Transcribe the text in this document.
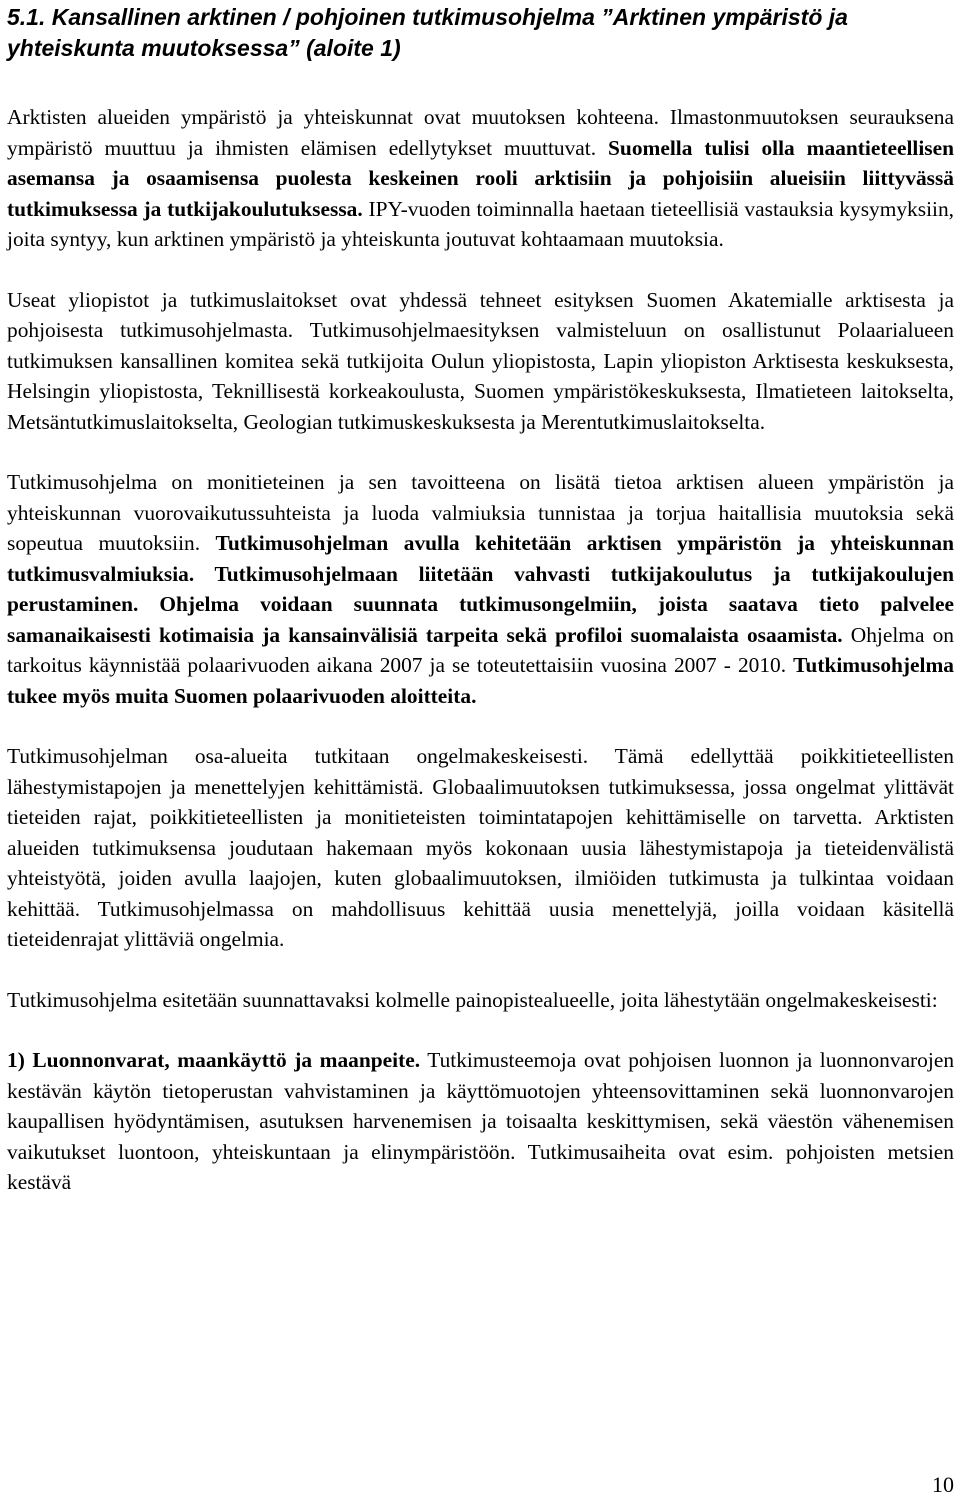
5.1. Kansallinen arktinen / pohjoinen tutkimusohjelma ”Arktinen ympäristö ja yhteiskunta muutoksessa” (aloite 1)

Arktisten alueiden ympäristö ja yhteiskunnat ovat muutoksen kohteena. Ilmastonmuutoksen seurauksena ympäristö muuttuu ja ihmisten elämisen edellytykset muuttuvat. Suomella tulisi olla maantieteellisen asemansa ja osaamisensa puolesta keskeinen rooli arktisiin ja pohjoisiin alueisiin liittyvässä tutkimuksessa ja tutkijakoulutuksessa. IPY-vuoden toiminnalla haetaan tieteellisiä vastauksia kysymyksiin, joita syntyy, kun arktinen ympäristö ja yhteiskunta joutuvat kohtaamaan muutoksia.

Useat yliopistot ja tutkimuslaitokset ovat yhdessä tehneet esityksen Suomen Akatemialle arktisesta ja pohjoisesta tutkimusohjelmasta. Tutkimusohjelmaesityksen valmisteluun on osallistunut Polaarialueen tutkimuksen kansallinen komitea sekä tutkijoita Oulun yliopistosta, Lapin yliopiston Arktisesta keskuksesta, Helsingin yliopistosta, Teknillisestä korkeakoulusta, Suomen ympäristökeskuksesta, Ilmatieteen laitokselta, Metsäntutkimuslaitokselta, Geologian tutkimuskeskuksesta ja Merentutkimuslaitokselta.

Tutkimusohjelma on monitieteinen ja sen tavoitteena on lisätä tietoa arktisen alueen ympäristön ja yhteiskunnan vuorovaikutussuhteista ja luoda valmiuksia tunnistaa ja torjua haitallisia muutoksia sekä sopeutua muutoksiin. Tutkimusohjelman avulla kehitetään arktisen ympäristön ja yhteiskunnan tutkimusvalmiuksia. Tutkimusohjelmaan liitetään vahvasti tutkijakoulutus ja tutkijakoulujen perustaminen. Ohjelma voidaan suunnata tutkimusongelmiin, joista saatava tieto palvelee samanaikaisesti kotimaisia ja kansainvälisiä tarpeita sekä profiloi suomalaista osaamista. Ohjelma on tarkoitus käynnistää polaarivuoden aikana 2007 ja se toteutettaisiin vuosina 2007 - 2010. Tutkimusohjelma tukee myös muita Suomen polaarivuoden aloitteita.

Tutkimusohjelman osa-alueita tutkitaan ongelmakeskeisesti. Tämä edellyttää poikkitieteellisten lähestymistapojen ja menettelyjen kehittämistä. Globaalimuutoksen tutkimuksessa, jossa ongelmat ylittävät tieteiden rajat, poikkitieteellisten ja monitieteisten toimintatapojen kehittämiselle on tarvetta. Arktisten alueiden tutkimuksensa joudutaan hakemaan myös kokonaan uusia lähestymistapoja ja tieteidenvälistä yhteistyötä, joiden avulla laajojen, kuten globaalimuutoksen, ilmiöiden tutkimusta ja tulkintaa voidaan kehittää. Tutkimusohjelmassa on mahdollisuus kehittää uusia menettelyjä, joilla voidaan käsitellä tieteidenrajat ylittäviä ongelmia.

Tutkimusohjelma esitetään suunnattavaksi kolmelle painopistealueelle, joita lähestytään ongelmakeskeisesti:

1) Luonnonvarat, maankäyttö ja maanpeite. Tutkimusteemoja ovat pohjoisen luonnon ja luonnonvarojen kestävän käytön tietoperustan vahvistaminen ja käyttömuotojen yhteensovittaminen sekä luonnonvarojen kaupallisen hyödyntämisen, asutuksen harvenemisen ja toisaalta keskittymisen, sekä väestön vähenemisen vaikutukset luontoon, yhteiskuntaan ja elinympäristöön. Tutkimusaiheita ovat esim. pohjoisten metsien kestävä

10
